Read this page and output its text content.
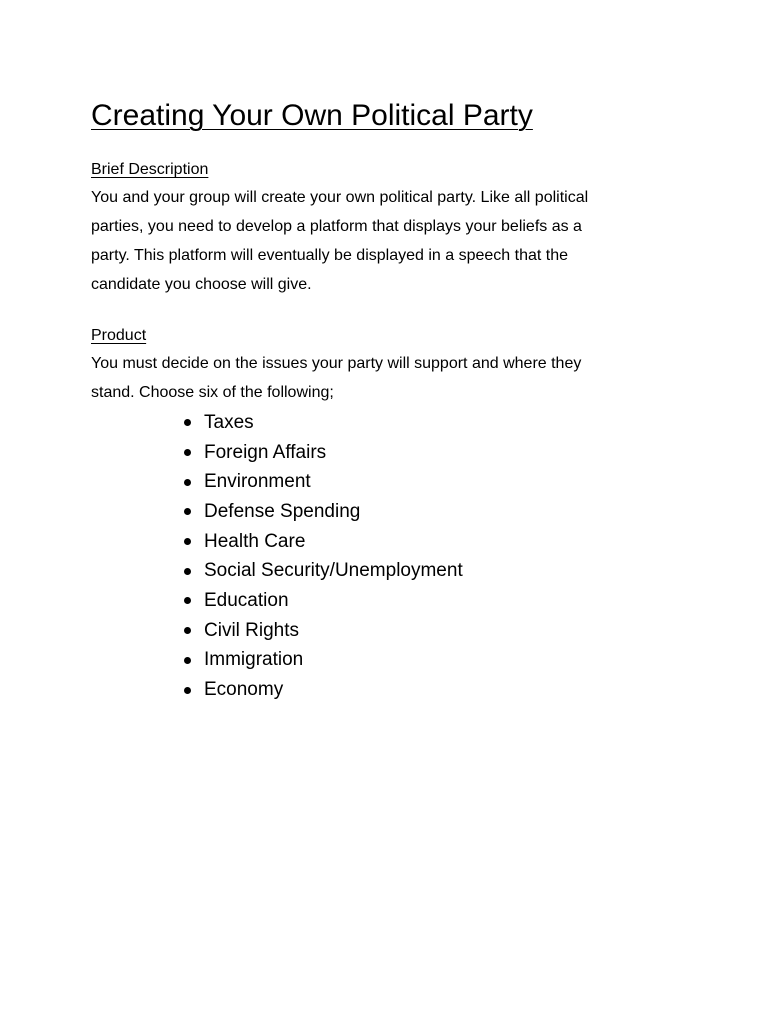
Creating Your Own Political Party

Brief Description

You and your group will create your own political party. Like all political
parties, you need to develop a platform that displays your beliefs as a
party. This platform will eventually be displayed in a speech that the
candidate you choose will give.

Product

You must decide on the issues your party will support and where they
stand. Choose six of the following;

Taxes
Foreign Affairs
Environment
Defense Spending
Health Care
Social Security/Unemployment
Education
Civil Rights
Immigration
Economy
